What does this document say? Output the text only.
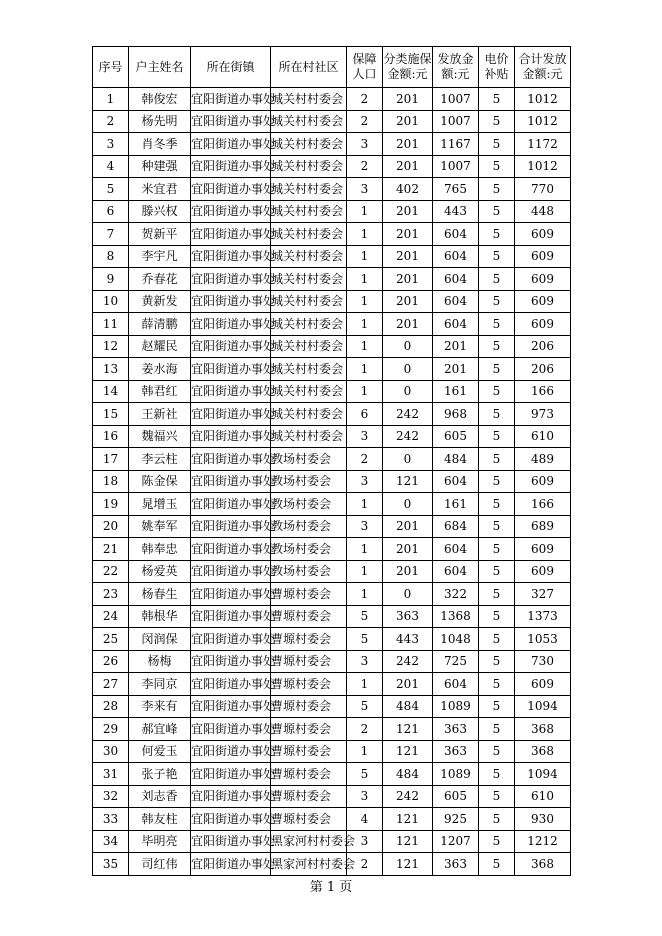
序号	户主姓名	所在街镇	所在村社区	保障人口	分类施保金额:元	发放金额:元	电价补贴	合计发放金额:元
1	韩俊宏	宜阳街道办事处	城关村村委会	2	201	1007	5	1012
2	杨先明	宜阳街道办事处	城关村村委会	2	201	1007	5	1012
3	肖冬季	宜阳街道办事处	城关村村委会	3	201	1167	5	1172
4	种建强	宜阳街道办事处	城关村村委会	2	201	1007	5	1012
5	米宜君	宜阳街道办事处	城关村村委会	3	402	765	5	770
6	滕兴权	宜阳街道办事处	城关村村委会	1	201	443	5	448
7	贺新平	宜阳街道办事处	城关村村委会	1	201	604	5	609
8	李宇凡	宜阳街道办事处	城关村村委会	1	201	604	5	609
9	乔春花	宜阳街道办事处	城关村村委会	1	201	604	5	609
10	黄新发	宜阳街道办事处	城关村村委会	1	201	604	5	609
11	薛清鹏	宜阳街道办事处	城关村村委会	1	201	604	5	609
12	赵耀民	宜阳街道办事处	城关村村委会	1	0	201	5	206
13	姜水海	宜阳街道办事处	城关村村委会	1	0	201	5	206
14	韩君红	宜阳街道办事处	城关村村委会	1	0	161	5	166
15	王新社	宜阳街道办事处	城关村村委会	6	242	968	5	973
16	魏福兴	宜阳街道办事处	城关村村委会	3	242	605	5	610
17	李云柱	宜阳街道办事处	教场村委会	2	0	484	5	489
18	陈金保	宜阳街道办事处	教场村委会	3	121	604	5	609
19	晁增玉	宜阳街道办事处	教场村委会	1	0	161	5	166
20	姚奉军	宜阳街道办事处	教场村委会	3	201	684	5	689
21	韩奉忠	宜阳街道办事处	教场村委会	1	201	604	5	609
22	杨爱英	宜阳街道办事处	教场村委会	1	201	604	5	609
23	杨春生	宜阳街道办事处	曹塬村委会	1	0	322	5	327
24	韩根华	宜阳街道办事处	曹塬村委会	5	363	1368	5	1373
25	闵润保	宜阳街道办事处	曹塬村委会	5	443	1048	5	1053
26	杨梅	宜阳街道办事处	曹塬村委会	3	242	725	5	730
27	李同京	宜阳街道办事处	曹塬村委会	1	201	604	5	609
28	李来有	宜阳街道办事处	曹塬村委会	5	484	1089	5	1094
29	郝宜峰	宜阳街道办事处	曹塬村委会	2	121	363	5	368
30	何爱玉	宜阳街道办事处	曹塬村委会	1	121	363	5	368
31	张子艳	宜阳街道办事处	曹塬村委会	5	484	1089	5	1094
32	刘志香	宜阳街道办事处	曹塬村委会	3	242	605	5	610
33	韩友柱	宜阳街道办事处	曹塬村委会	4	121	925	5	930
34	毕明亮	宜阳街道办事处	黑家河村村委会	3	121	1207	5	1212
35	司红伟	宜阳街道办事处	黑家河村村委会	2	121	363	5	368
第 1 页
